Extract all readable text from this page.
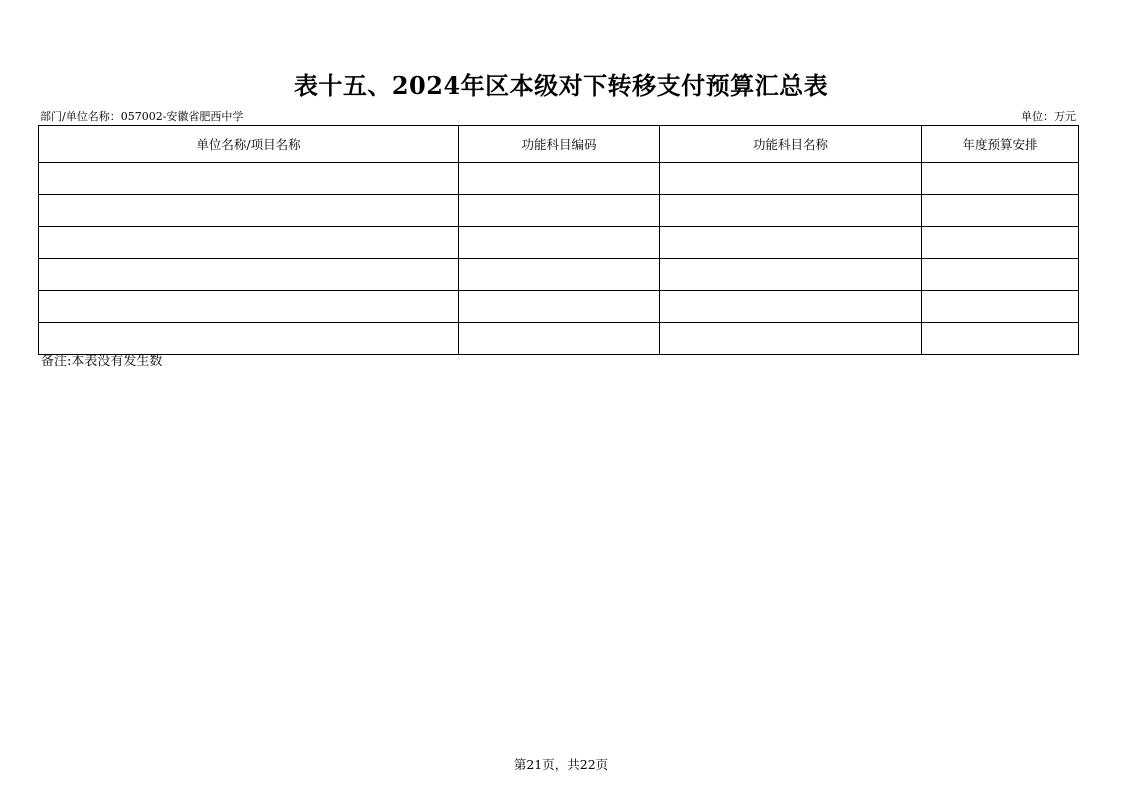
表十五、2024年区本级对下转移支付预算汇总表
部门/单位名称：057002-安徽省肥西中学	单位：万元
单位名称/项目名称	功能科目编码	功能科目名称	年度预算安排

备注:本表没有发生数
第21页，共22页
